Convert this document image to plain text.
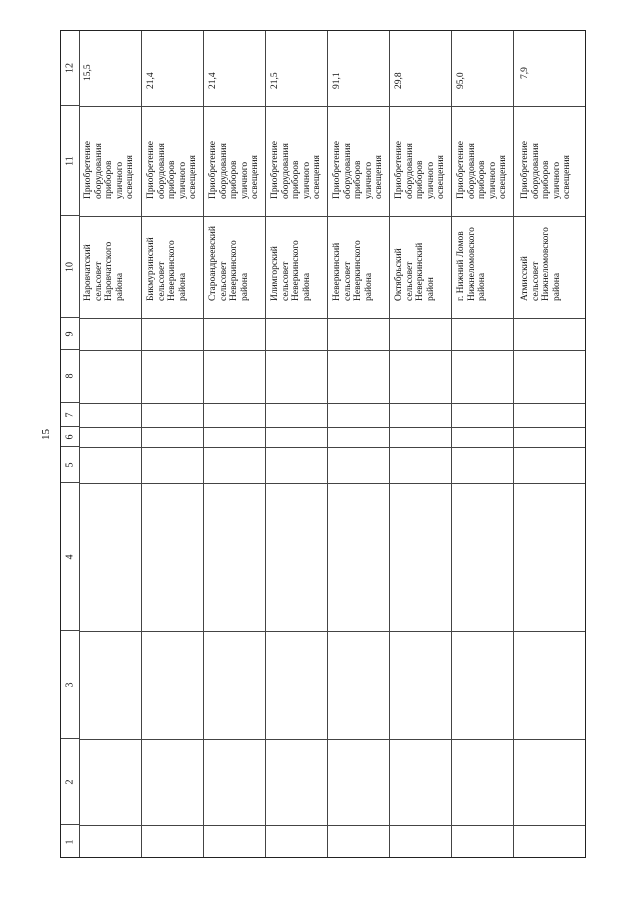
15
12
11
10
9
8
7
6
5
4
3
2
1
15,5
Приобретение
оборудования
приборов
уличного
освещения
Наровчатский
сельсовет
Наровчатского
района
21,4
Приобретение
оборудования
приборов
уличного
освещения
Бикмурзинский
сельсовет
Неверкинского
района
21,4
Приобретение
оборудования
приборов
уличного
освещения
Староандреевский
сельсовет
Неверкинского
района
21,5
Приобретение
оборудования
приборов
уличного
освещения
Илимгорский
сельсовет
Неверкинского
района
91,1
Приобретение
оборудования
приборов
уличного
освещения
Неверкинский
сельсовет
Неверкинского
района
29,8
Приобретение
оборудования
приборов
уличного
освещения
Октябрьский
сельсовет
Неверкинский район
95,0
Приобретение
оборудования
приборов
уличного
освещения
г. Нижний Ломов
Нижнеломовского
района
7,9
Приобретение
оборудования
приборов
уличного
освещения
Атмисский сельсовет
Нижнеломовского
района
